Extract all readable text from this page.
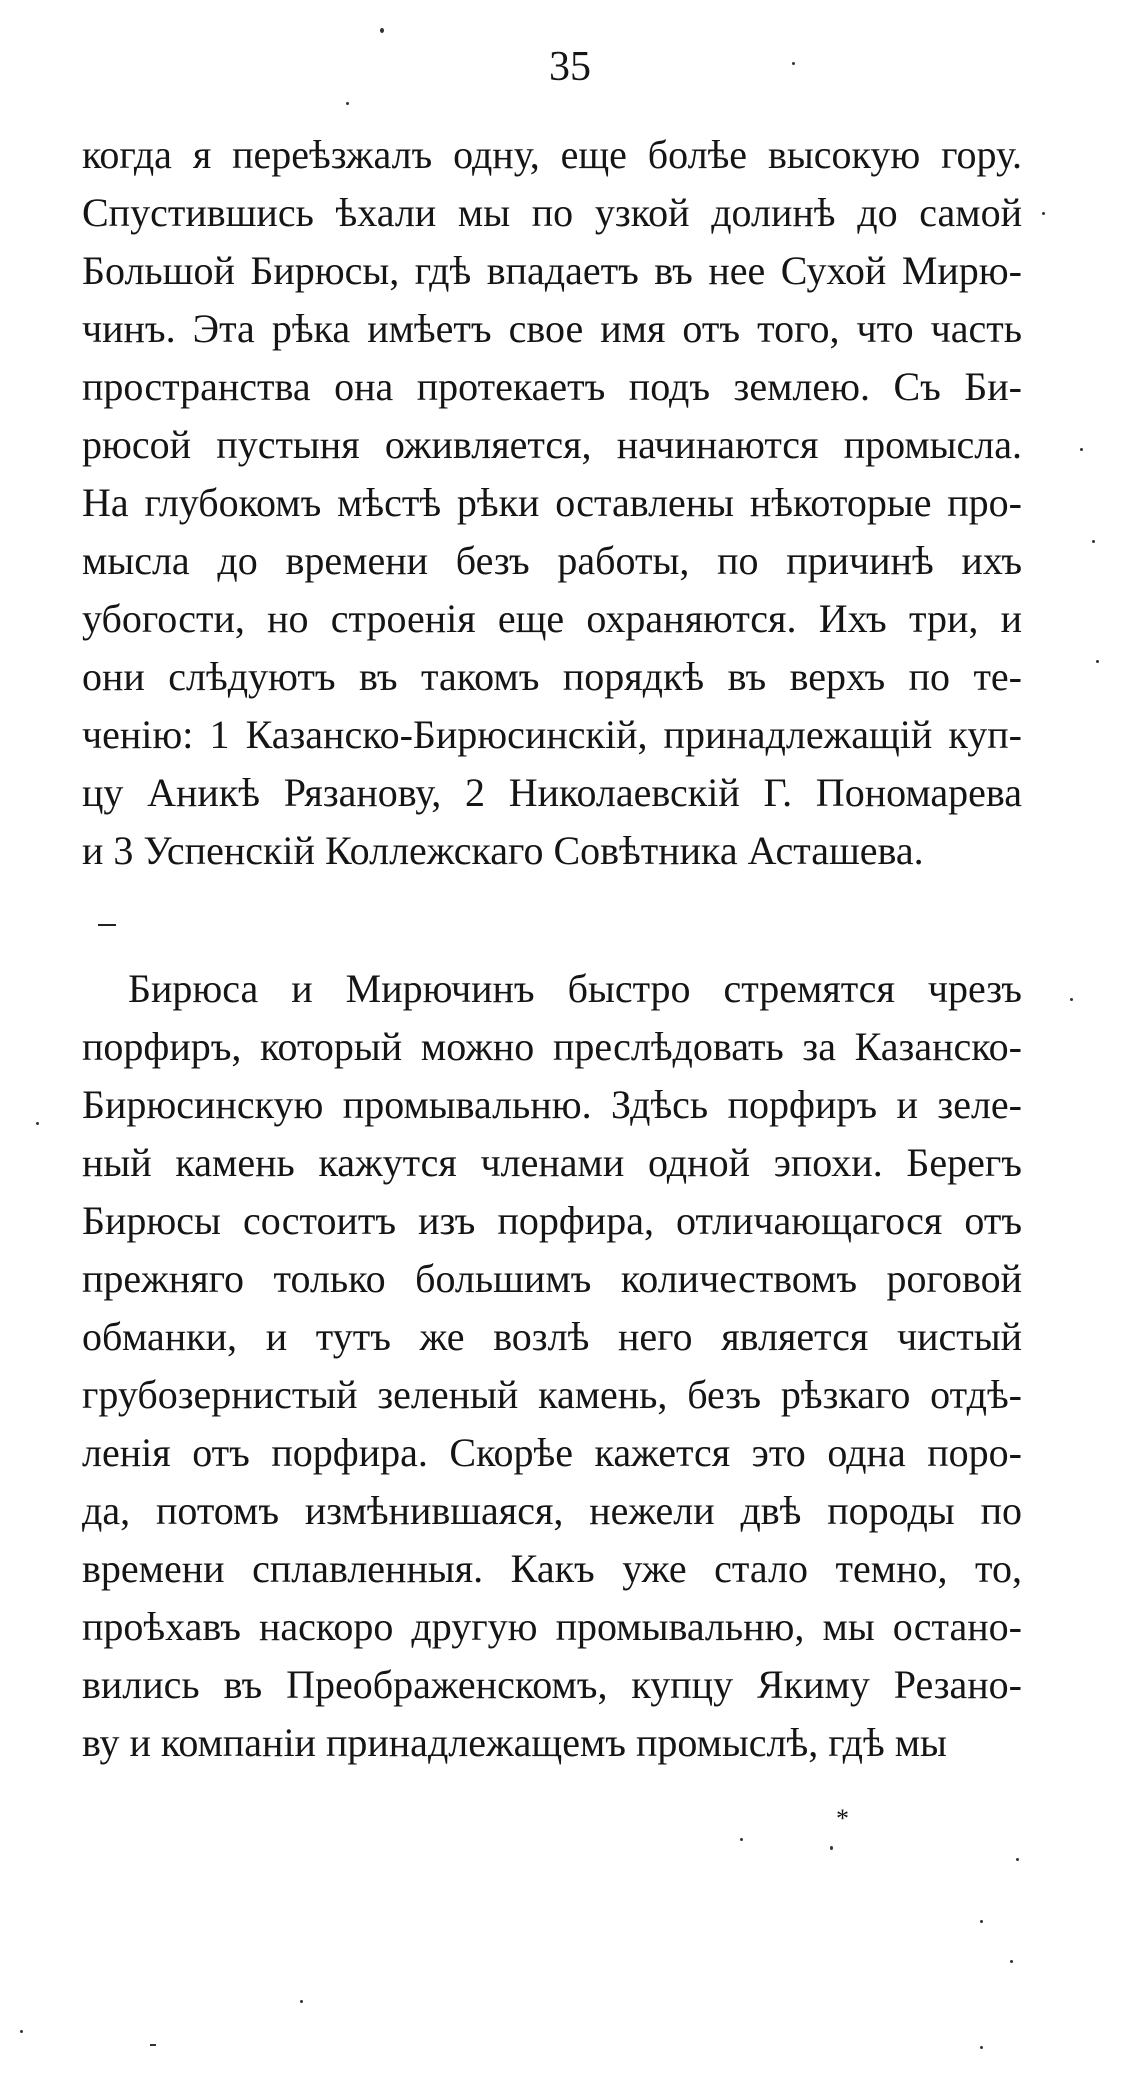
35
когда я переѣзжалъ одну, еще болѣе высокую гору.
Спустившись ѣхали мы по узкой долинѣ до самой
Большой Бирюсы, гдѣ впадаетъ въ нее Сухой Мирю-
чинъ. Эта рѣка имѣетъ свое имя отъ того, что часть
пространства она протекаетъ подъ землею. Съ Би-
рюсой пустыня оживляется, начинаются промысла.
На глубокомъ мѣстѣ рѣки оставлены нѣкоторые про-
мысла до времени безъ работы, по причинѣ ихъ
убогости, но строенія еще охраняются. Ихъ три, и
они слѣдуютъ въ такомъ порядкѣ въ верхъ по те-
ченію: 1 Казанско-Бирюсинскій, принадлежащій куп-
цу Аникѣ Рязанову, 2 Николаевскій Г. Пономарева
и 3 Успенскій Коллежскаго Совѣтника Асташева.
Бирюса и Мирючинъ быстро стремятся чрезъ
порфиръ, который можно преслѣдовать за Казанско-
Бирюсинскую промывальню. Здѣсь порфиръ и зеле-
ный камень кажутся членами одной эпохи. Берегъ
Бирюсы состоитъ изъ порфира, отличающагося отъ
прежняго только большимъ количествомъ роговой
обманки, и тутъ же возлѣ него является чистый
грубозернистый зеленый камень, безъ рѣзкаго отдѣ-
ленія отъ порфира. Скорѣе кажется это одна поро-
да, потомъ измѣнившаяся, нежели двѣ породы по
времени сплавленныя. Какъ уже стало темно, то,
проѣхавъ наскоро другую промывальню, мы остано-
вились въ Преображенскомъ, купцу Якиму Резано-
ву и компаніи принадлежащемъ промыслѣ, гдѣ мы
*
